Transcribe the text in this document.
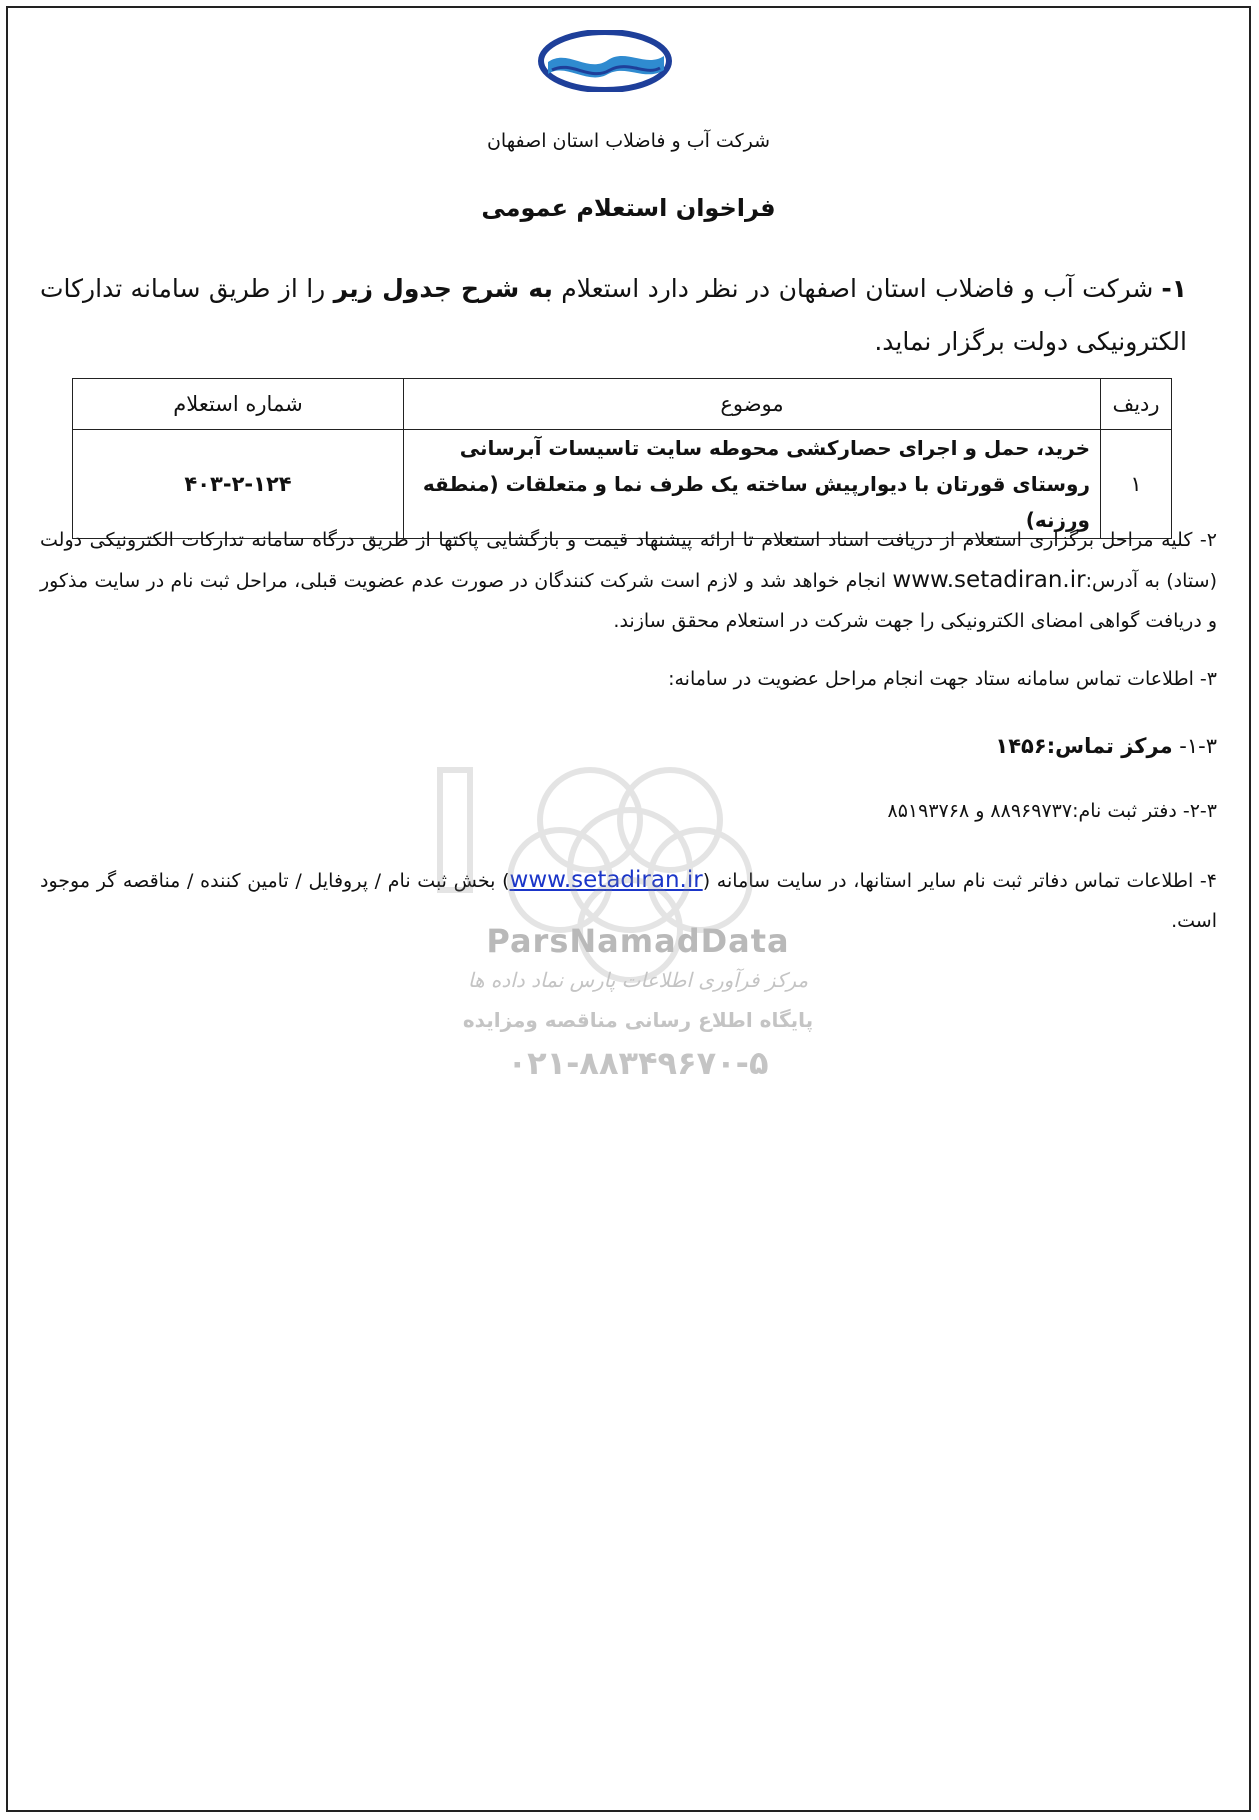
شرکت آب و فاضلاب استان اصفهان
فراخوان استعلام عمومی
۱-شرکت آب و فاضلاب استان اصفهان در نظر دارد استعلام به شرح جدول زیر را از طریق سامانه تدارکات الکترونیکی دولت برگزار نماید.
ردیف	موضوع	شماره استعلام
۱	خرید، حمل و اجرای حصارکشی محوطه سایت تاسیسات آبرسانی روستای قورتان با دیوارپیش ساخته یک طرف نما و متعلقات (منطقه ورزنه)	۴۰۳-۲-۱۲۴
۲- کلیه مراحل برگزاری استعلام از دریافت اسناد استعلام تا ارائه پیشنهاد قیمت و بازگشایی پاکتها از طریق درگاه سامانه تدارکات الکترونیکی دولت (ستاد) به آدرس:www.setadiran.ir انجام خواهد شد و لازم است شرکت کنندگان در صورت عدم عضویت قبلی، مراحل ثبت نام در سایت مذکور و دریافت گواهی امضای الکترونیکی را جهت شرکت در استعلام محقق سازند.
۳- اطلاعات تماس سامانه ستاد جهت انجام مراحل عضویت در سامانه:
۱-۳- مرکز تماس:۱۴۵۶
۲-۳- دفتر ثبت نام:۸۸۹۶۹۷۳۷ و ۸۵۱۹۳۷۶۸
۴- اطلاعات تماس دفاتر ثبت نام سایر استانها، در سایت سامانه (www.setadiran.ir) بخش ثبت نام / پروفایل / تامین کننده / مناقصه گر موجود است.
ParsNamadData
مرکز فرآوری اطلاعات پارس نماد داده ها
پایگاه اطلاع رسانی مناقصه ومزایده
۰۲۱-۸۸۳۴۹۶۷۰-۵
